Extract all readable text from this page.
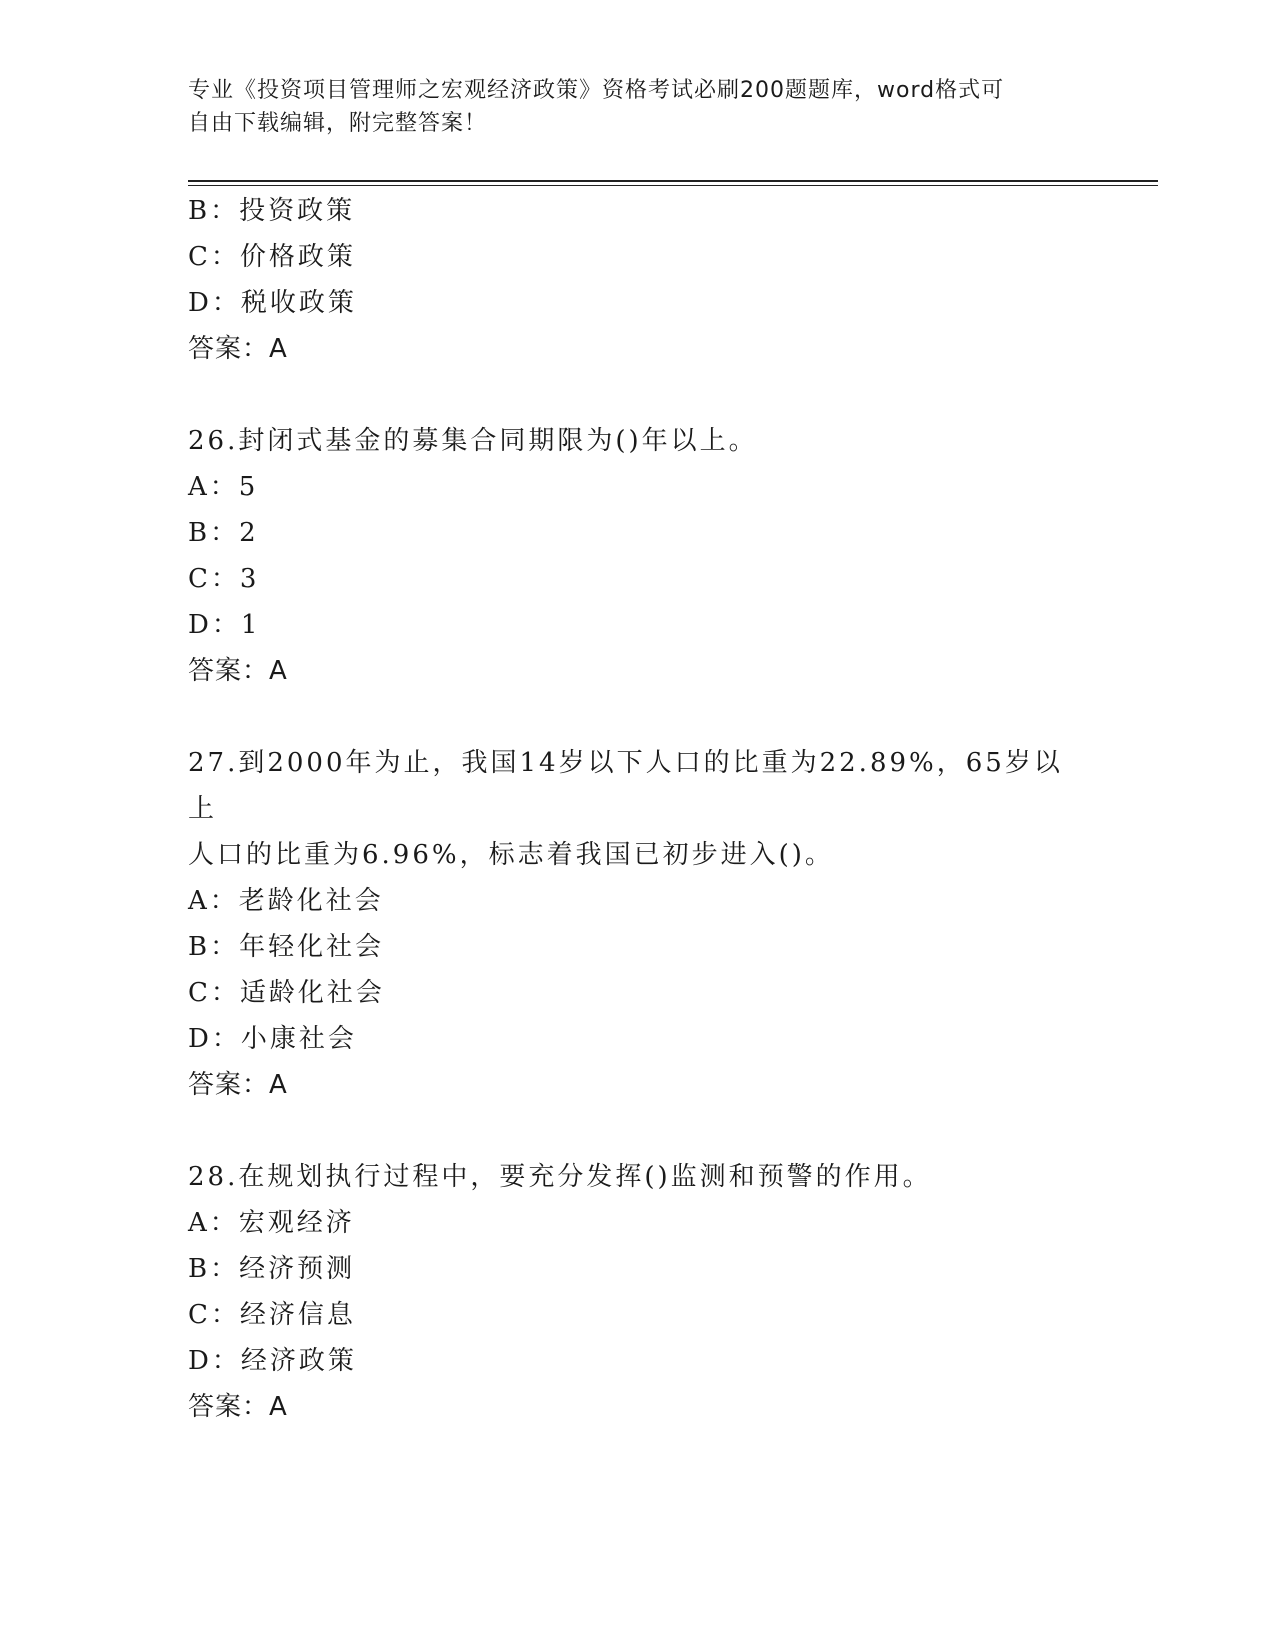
专业《投资项目管理师之宏观经济政策》资格考试必刷200题题库，word格式可
自由下载编辑，附完整答案！
B：投资政策
C：价格政策
D：税收政策
答案：A
26.封闭式基金的募集合同期限为()年以上。
A：5
B：2
C：3
D：1
答案：A
27.到2000年为止，我国14岁以下人口的比重为22.89%，65岁以上
人口的比重为6.96%，标志着我国已初步进入()。
A：老龄化社会
B：年轻化社会
C：适龄化社会
D：小康社会
答案：A
28.在规划执行过程中，要充分发挥()监测和预警的作用。
A：宏观经济
B：经济预测
C：经济信息
D：经济政策
答案：A
